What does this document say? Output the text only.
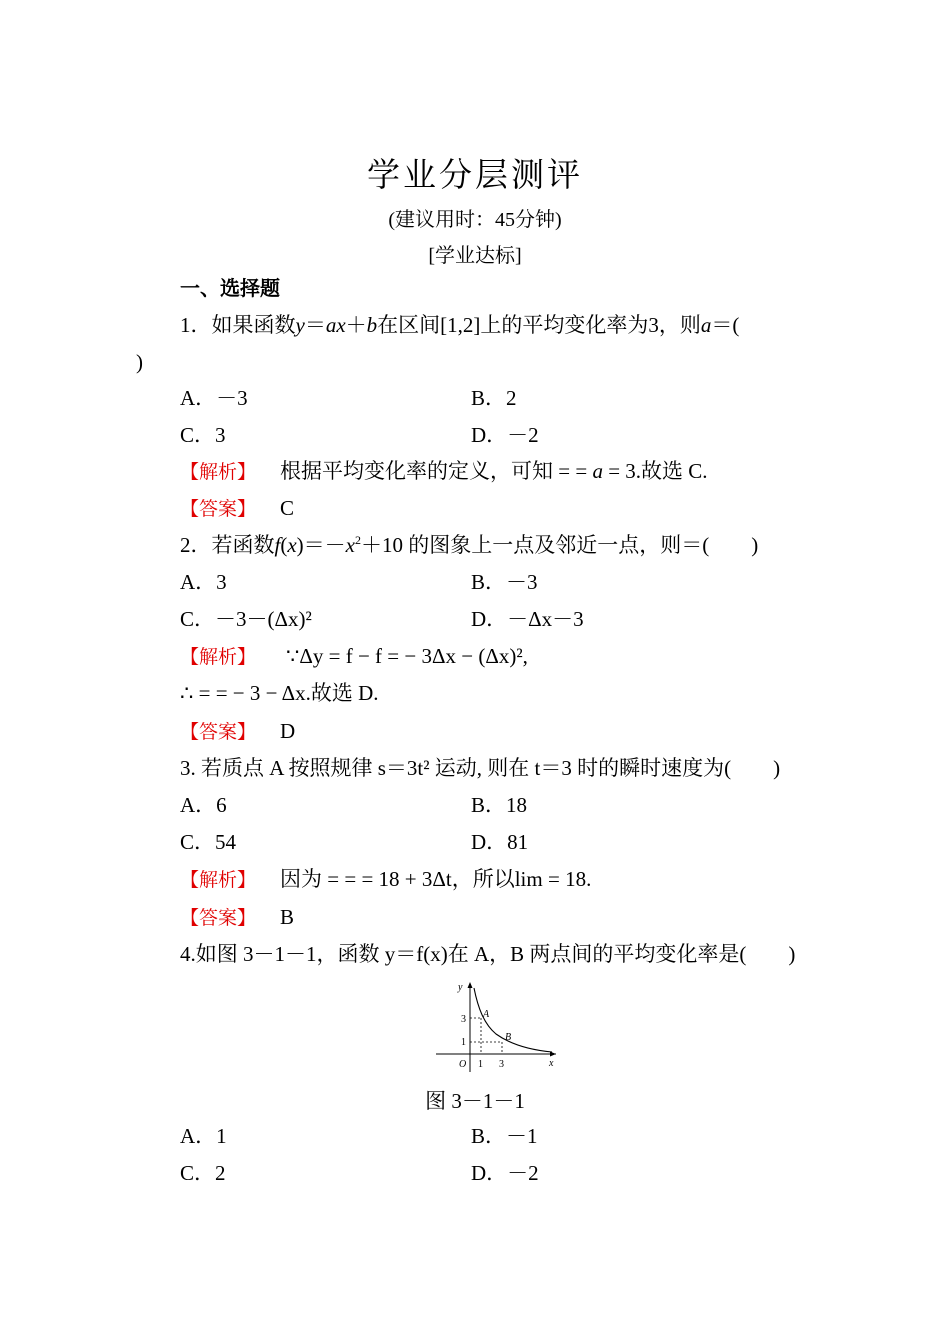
学业分层测评
(建议用时：45分钟)
[学业达标]
一、选择题
1．如果函数y＝ax＋b在区间[1,2]上的平均变化率为3，则a＝(
)
A．－3	B．2
C．3	D．－2
【解析】 根据平均变化率的定义，可知 = = a = 3.故选 C.
【答案】 C
2．若函数$f(x)=-x^2+10$ 的图象上一点及邻近一点，则＝(　　)
A．3	B．－3
C．－3－(Δx)²	D．－Δx－3
【解析】 ∵Δy = f − f = − 3Δx − (Δx)²,
∴ = = − 3 − Δx.故选 D.
【答案】 D
3. 若质点 A 按照规律 s＝3t² 运动, 则在 t＝3 时的瞬时速度为(　　)
A．6	B．18
C．54	D．81
【解析】 因为 = = = 18 + 3Δt，所以lim = 18.
【答案】 B
4.如图 3－1－1，函数 y＝f(x)在 A，B 两点间的平均变化率是(　　)
y
x
O 1 3
1
3 A
B
图 3－1－1
A．1	B．－1
C．2	D．－2
